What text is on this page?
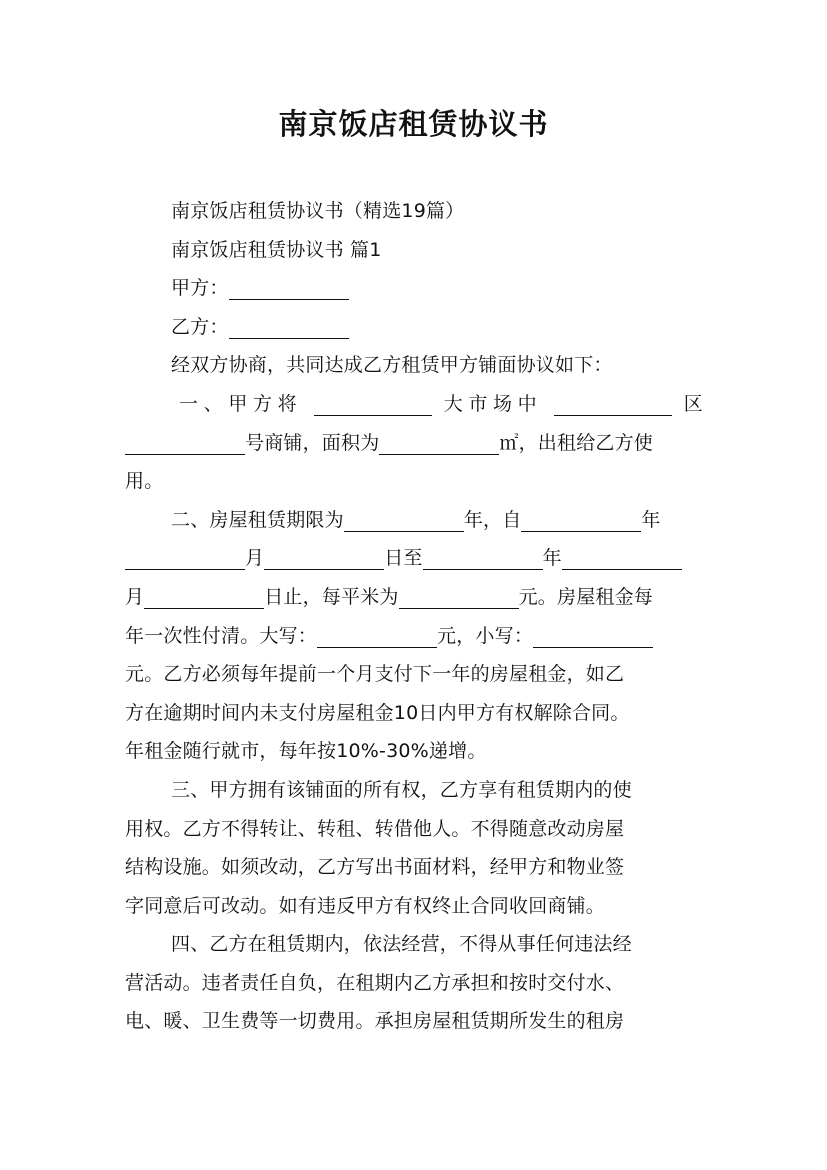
南京饭店租赁协议书
南京饭店租赁协议书（精选19篇）
南京饭店租赁协议书 篇1
甲方：
乙方：
经双方协商，共同达成乙方租赁甲方铺面协议如下：
一、甲方将	大市场中	区
号商铺，面积为	㎡，出租给乙方使
用。
二、房屋租赁期限为	年，自	年
月	日至	年
月	日止，每平米为	元。房屋租金每
年一次性付清。大写：	元，小写：
元。乙方必须每年提前一个月支付下一年的房屋租金，如乙
方在逾期时间内未支付房屋租金10日内甲方有权解除合同。
年租金随行就市，每年按10%-30%递增。
三、甲方拥有该铺面的所有权，乙方享有租赁期内的使
用权。乙方不得转让、转租、转借他人。不得随意改动房屋
结构设施。如须改动，乙方写出书面材料，经甲方和物业签
字同意后可改动。如有违反甲方有权终止合同收回商铺。
四、乙方在租赁期内，依法经营，不得从事任何违法经
营活动。违者责任自负，在租期内乙方承担和按时交付水、
电、暖、卫生费等一切费用。承担房屋租赁期所发生的租房
